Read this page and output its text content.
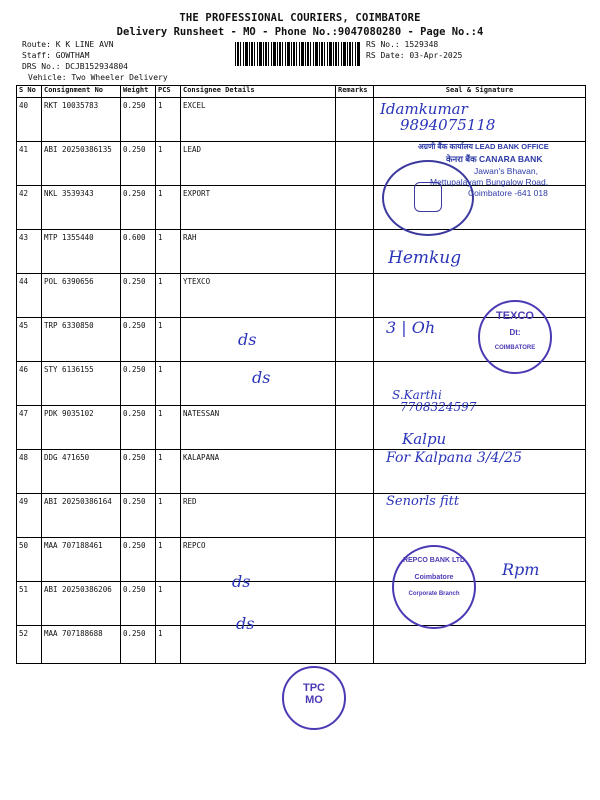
THE PROFESSIONAL COURIERS, COIMBATORE
Delivery Runsheet - MO - Phone No.:9047080280 - Page No.:4
Route: K K LINE AVN
Staff: GOWTHAM
DRS No.: DCJB152934804
Vehicle: Two Wheeler Delivery
RS No.: 1529348
RS Date: 03-Apr-2025
S No	Consignment No	Weight	PCS	Consignee Details	Remarks	Seal & Signature
40	RKT 10035783	0.250	1	EXCEL		
41	ABI 20250386135	0.250	1	LEAD		
42	NKL 3539343	0.250	1	EXPORT		
43	MTP 1355440	0.600	1	RAH		
44	POL 6390656	0.250	1	YTEXCO		
45	TRP 6330850	0.250	1			
46	STY 6136155	0.250	1			
47	PDK 9035102	0.250	1	NATESSAN		
48	DDG 471650	0.250	1	KALAPANA		
49	ABI 20250386164	0.250	1	RED		
50	MAA 707188461	0.250	1	REPCO		
51	ABI 20250386206	0.250	1			
52	MAA 707188688	0.250	1			
Idamkumar
9894075118
अग्रणी बैंक कार्यालय LEAD BANK OFFICE
केनरा बैंक CANARA BANK
Jawan's Bhavan,
Mettupalayam Bungalow Road,
Coimbatore -641 018
Hemkug
TEXCO
Dt:
COIMBATORE
3 | Oh
ds
ds
S.Karthi
7708324597
Kalpu
For Kalpana 3/4/25
Senorls fitt
REPCO BANK LTD
Coimbatore
Corporate Branch
Rpm
ds
ds
TPC
MO
